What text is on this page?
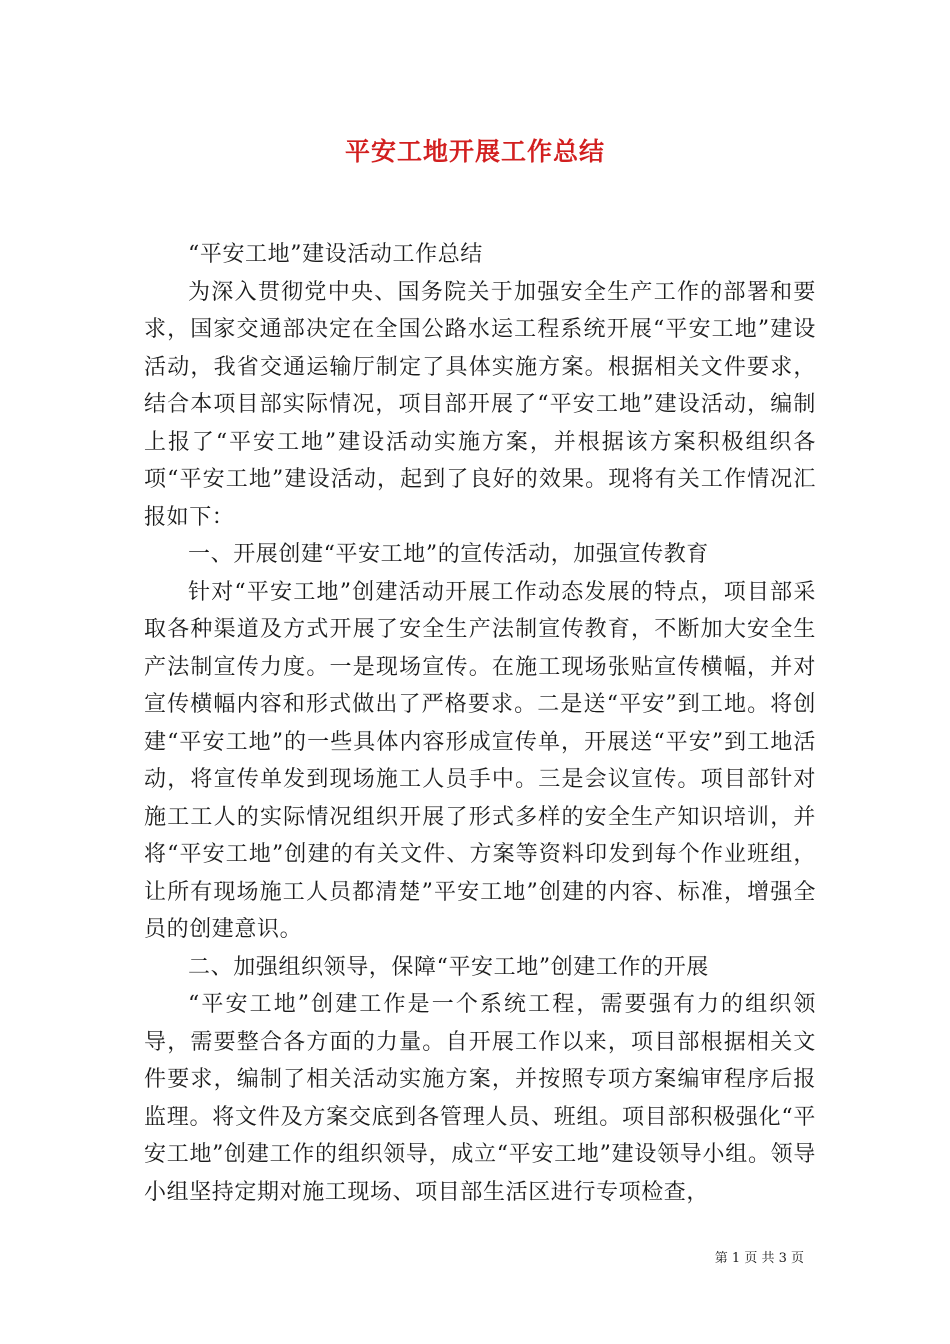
平安工地开展工作总结

“平安工地”建设活动工作总结

为深入贯彻党中央、国务院关于加强安全生产工作的部署和要求，国家交通部决定在全国公路水运工程系统开展“平安工地”建设活动，我省交通运输厅制定了具体实施方案。根据相关文件要求，结合本项目部实际情况，项目部开展了“平安工地”建设活动，编制上报了“平安工地”建设活动实施方案，并根据该方案积极组织各项“平安工地”建设活动，起到了良好的效果。现将有关工作情况汇报如下：

一、开展创建“平安工地”的宣传活动，加强宣传教育

针对“平安工地”创建活动开展工作动态发展的特点，项目部采取各种渠道及方式开展了安全生产法制宣传教育，不断加大安全生产法制宣传力度。一是现场宣传。在施工现场张贴宣传横幅，并对宣传横幅内容和形式做出了严格要求。二是送“平安”到工地。将创建“平安工地”的一些具体内容形成宣传单，开展送“平安”到工地活动，将宣传单发到现场施工人员手中。三是会议宣传。项目部针对施工工人的实际情况组织开展了形式多样的安全生产知识培训，并将“平安工地”创建的有关文件、方案等资料印发到每个作业班组，让所有现场施工人员都清楚”平安工地”创建的内容、标准，增强全员的创建意识。

二、加强组织领导，保障“平安工地”创建工作的开展

“平安工地”创建工作是一个系统工程，需要强有力的组织领导，需要整合各方面的力量。自开展工作以来，项目部根据相关文件要求，编制了相关活动实施方案，并按照专项方案编审程序后报监理。将文件及方案交底到各管理人员、班组。项目部积极强化“平安工地”创建工作的组织领导，成立“平安工地”建设领导小组。领导小组坚持定期对施工现场、项目部生活区进行专项检查，

第 1 页 共 3 页
